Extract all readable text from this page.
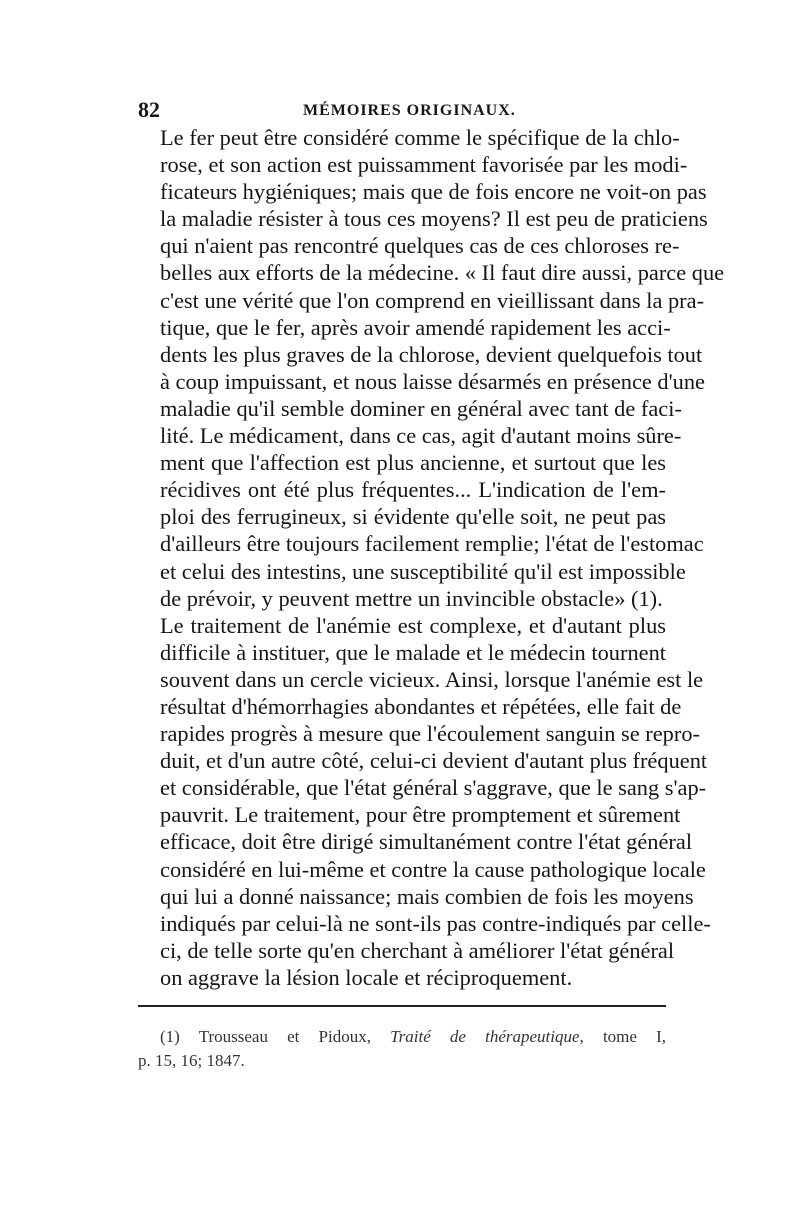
82	MÉMOIRES ORIGINAUX.

Le fer peut être considéré comme le spécifique de la chlo-
rose, et son action est puissamment favorisée par les modi-
ficateurs hygiéniques; mais que de fois encore ne voit-on pas
la maladie résister à tous ces moyens? Il est peu de praticiens
qui n'aient pas rencontré quelques cas de ces chloroses re-
belles aux efforts de la médecine. « Il faut dire aussi, parce que
c'est une vérité que l'on comprend en vieillissant dans la pra-
tique, que le fer, après avoir amendé rapidement les acci-
dents les plus graves de la chlorose, devient quelquefois tout
à coup impuissant, et nous laisse désarmés en présence d'une
maladie qu'il semble dominer en général avec tant de faci-
lité. Le médicament, dans ce cas, agit d'autant moins sûre-
ment que l'affection est plus ancienne, et surtout que les
récidives ont été plus fréquentes... L'indication de l'em-
ploi des ferrugineux, si évidente qu'elle soit, ne peut pas
d'ailleurs être toujours facilement remplie; l'état de l'estomac
et celui des intestins, une susceptibilité qu'il est impossible
de prévoir, y peuvent mettre un invincible obstacle» (1).

Le traitement de l'anémie est complexe, et d'autant plus
difficile à instituer, que le malade et le médecin tournent
souvent dans un cercle vicieux. Ainsi, lorsque l'anémie est le
résultat d'hémorrhagies abondantes et répétées, elle fait de
rapides progrès à mesure que l'écoulement sanguin se repro-
duit, et d'un autre côté, celui-ci devient d'autant plus fréquent
et considérable, que l'état général s'aggrave, que le sang s'ap-
pauvrit. Le traitement, pour être promptement et sûrement
efficace, doit être dirigé simultanément contre l'état général
considéré en lui-même et contre la cause pathologique locale
qui lui a donné naissance; mais combien de fois les moyens
indiqués par celui-là ne sont-ils pas contre-indiqués par celle-
ci, de telle sorte qu'en cherchant à améliorer l'état général
on aggrave la lésion locale et réciproquement.

(1) Trousseau et Pidoux, Traité de thérapeutique, tome I,
p. 15, 16; 1847.
